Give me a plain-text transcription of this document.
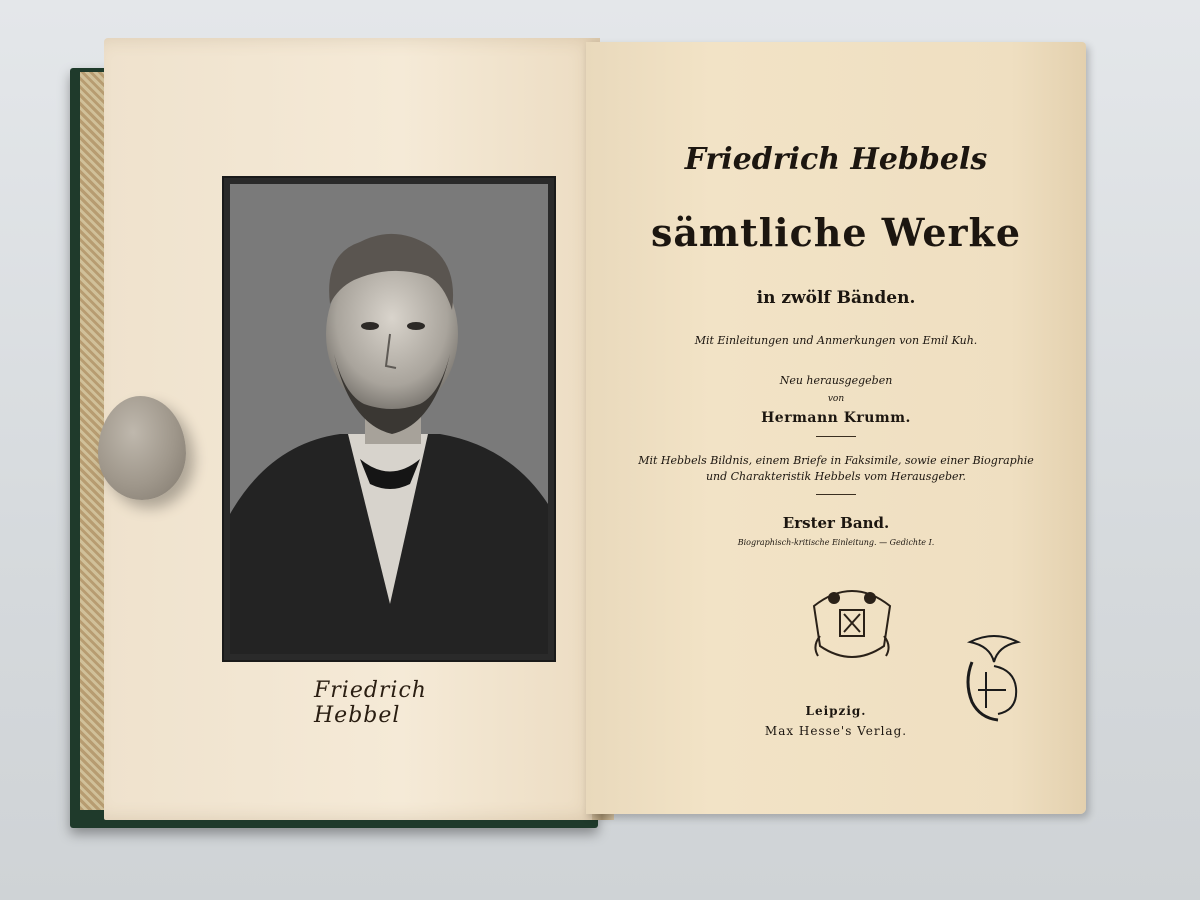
Friedrich Hebbel
Friedrich Hebbels
sämtliche Werke
in zwölf Bänden.
Mit Einleitungen und Anmerkungen von Emil Kuh.
Neu herausgegeben
von
Hermann Krumm.
Mit Hebbels Bildnis, einem Briefe in Faksimile, sowie einer Biographie
und Charakteristik Hebbels vom Herausgeber.
Erster Band.
Biographisch-kritische Einleitung. — Gedichte I.
Leipzig.
Max Hesse's Verlag.
